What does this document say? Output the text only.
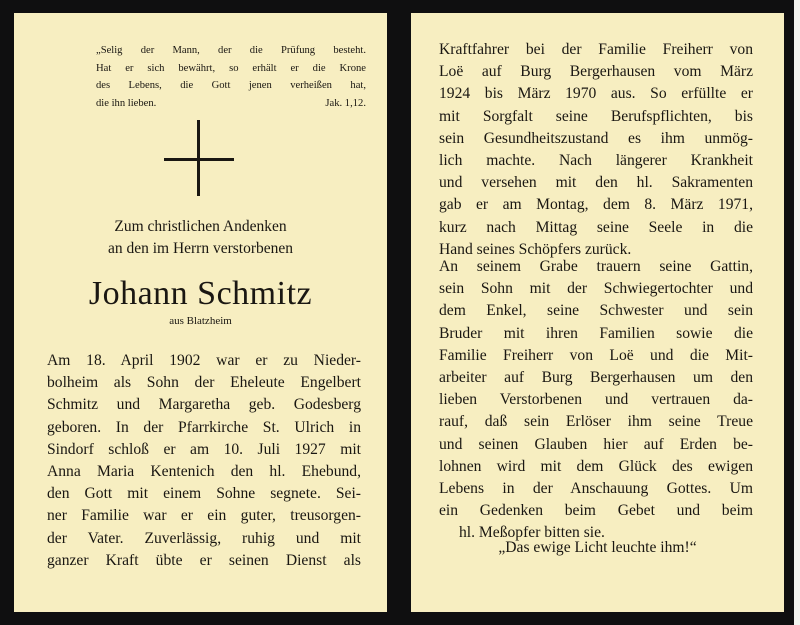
„Selig der Mann, der die Prüfung besteht.
Hat er sich bewährt, so erhält er die Krone
des Lebens, die Gott jenen verheißen hat,
die ihn lieben.	Jak. 1,12.
Zum christlichen Andenken
an den im Herrn verstorbenen
Johann Schmitz
aus Blatzheim
Am 18. April 1902 war er zu Nieder-
bolheim als Sohn der Eheleute Engelbert
Schmitz und Margaretha geb. Godesberg
geboren. In der Pfarrkirche St. Ulrich in
Sindorf schloß er am 10. Juli 1927 mit
Anna Maria Kentenich den hl. Ehebund,
den Gott mit einem Sohne segnete. Sei-
ner Familie war er ein guter, treusorgen-
der Vater. Zuverlässig, ruhig und mit
ganzer Kraft übte er seinen Dienst als
Kraftfahrer bei der Familie Freiherr von
Loë auf Burg Bergerhausen vom März
1924 bis März 1970 aus. So erfüllte er
mit Sorgfalt seine Berufspflichten, bis
sein Gesundheitszustand es ihm unmög-
lich machte. Nach längerer Krankheit
und versehen mit den hl. Sakramenten
gab er am Montag, dem 8. März 1971,
kurz nach Mittag seine Seele in die
Hand seines Schöpfers zurück.
An seinem Grabe trauern seine Gattin,
sein Sohn mit der Schwiegertochter und
dem Enkel, seine Schwester und sein
Bruder mit ihren Familien sowie die
Familie Freiherr von Loë und die Mit-
arbeiter auf Burg Bergerhausen um den
lieben Verstorbenen und vertrauen da-
rauf, daß sein Erlöser ihm seine Treue
und seinen Glauben hier auf Erden be-
lohnen wird mit dem Glück des ewigen
Lebens in der Anschauung Gottes. Um
ein Gedenken beim Gebet und beim
hl. Meßopfer bitten sie.
„Das ewige Licht leuchte ihm!“
